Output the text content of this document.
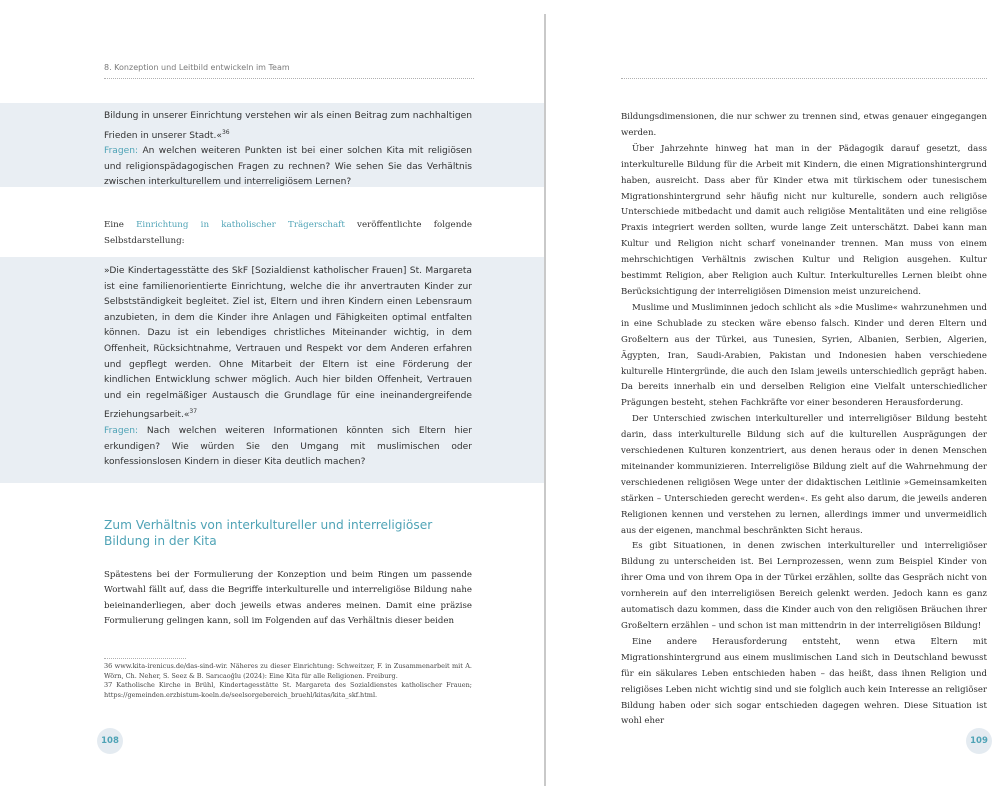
8. Konzeption und Leitbild entwickeln im Team

Bildung in unserer Einrichtung verstehen wir als einen Beitrag zum nachhaltigen Frieden in unserer Stadt.«$^{36}$

Fragen: An welchen weiteren Punkten ist bei einer solchen Kita mit religiösen und religionspädagogischen Fragen zu rechnen? Wie sehen Sie das Verhältnis zwischen interkulturellem und interreligiösem Lernen?

Eine Einrichtung in katholischer Trägerschaft veröffentlichte folgende Selbstdarstellung:

»Die Kindertagesstätte des SkF [Sozialdienst katholischer Frauen] St. Margareta ist eine familienorientierte Einrichtung, welche die ihr anvertrauten Kinder zur Selbstständigkeit begleitet. Ziel ist, Eltern und ihren Kindern einen Lebensraum anzubieten, in dem die Kinder ihre Anlagen und Fähigkeiten optimal entfalten können. Dazu ist ein lebendiges christliches Miteinander wichtig, in dem Offenheit, Rücksichtnahme, Vertrauen und Respekt vor dem Anderen erfahren und gepflegt werden. Ohne Mitarbeit der Eltern ist eine Förderung der kindlichen Entwicklung schwer möglich. Auch hier bilden Offenheit, Vertrauen und ein regelmäßiger Austausch die Grundlage für eine ineinandergreifende Erziehungsarbeit.«$^{37}$

Fragen: Nach welchen weiteren Informationen könnten sich Eltern hier erkundigen? Wie würden Sie den Umgang mit muslimischen oder konfessionslosen Kindern in dieser Kita deutlich machen?

Zum Verhältnis von interkultureller und interreligiöser Bildung in der Kita

Spätestens bei der Formulierung der Konzeption und beim Ringen um passende Wortwahl fällt auf, dass die Begriffe interkulturelle und interreligiöse Bildung nahe beieinanderliegen, aber doch jeweils etwas anderes meinen. Damit eine präzise Formulierung gelingen kann, soll im Folgenden auf das Verhältnis dieser beiden

36 www.kita-irenicus.de/das-sind-wir. Näheres zu dieser Einrichtung: Schweitzer, F. in Zusammenarbeit mit A. Wörn, Ch. Neher, S. Seez & B. Sarıcaoğlu (2024): Eine Kita für alle Religionen. Freiburg.

37 Katholische Kirche in Brühl, Kindertagesstätte St. Margareta des Sozialdienstes katholischer Frauen; https://gemeinden.erzbistum-koeln.de/seelsorgebereich_bruehl/kitas/kita_skf.html.

108

Bildungsdimensionen, die nur schwer zu trennen sind, etwas genauer eingegangen werden.

Über Jahrzehnte hinweg hat man in der Pädagogik darauf gesetzt, dass interkulturelle Bildung für die Arbeit mit Kindern, die einen Migrationshintergrund haben, ausreicht. Dass aber für Kinder etwa mit türkischem oder tunesischem Migrationshintergrund sehr häufig nicht nur kulturelle, sondern auch religiöse Unterschiede mitbedacht und damit auch religiöse Mentalitäten und eine religiöse Praxis integriert werden sollten, wurde lange Zeit unterschätzt. Dabei kann man Kultur und Religion nicht scharf voneinander trennen. Man muss von einem mehrschichtigen Verhältnis zwischen Kultur und Religion ausgehen. Kultur bestimmt Religion, aber Religion auch Kultur. Interkulturelles Lernen bleibt ohne Berücksichtigung der interreligiösen Dimension meist unzureichend.

Muslime und Musliminnen jedoch schlicht als »die Muslime« wahrzunehmen und in eine Schublade zu stecken wäre ebenso falsch. Kinder und deren Eltern und Großeltern aus der Türkei, aus Tunesien, Syrien, Albanien, Serbien, Algerien, Ägypten, Iran, Saudi-Arabien, Pakistan und Indonesien haben verschiedene kulturelle Hintergründe, die auch den Islam jeweils unterschiedlich geprägt haben. Da bereits innerhalb ein und derselben Religion eine Vielfalt unterschiedlicher Prägungen besteht, stehen Fachkräfte vor einer besonderen Herausforderung.

Der Unterschied zwischen interkultureller und interreligiöser Bildung besteht darin, dass interkulturelle Bildung sich auf die kulturellen Ausprägungen der verschiedenen Kulturen konzentriert, aus denen heraus oder in denen Menschen miteinander kommunizieren. Interreligiöse Bildung zielt auf die Wahrnehmung der verschiedenen religiösen Wege unter der didaktischen Leitlinie »Gemeinsamkeiten stärken – Unterschieden gerecht werden«. Es geht also darum, die jeweils anderen Religionen kennen und verstehen zu lernen, allerdings immer und unvermeidlich aus der eigenen, manchmal beschränkten Sicht heraus.

Es gibt Situationen, in denen zwischen interkultureller und interreligiöser Bildung zu unterscheiden ist. Bei Lernprozessen, wenn zum Beispiel Kinder von ihrer Oma und von ihrem Opa in der Türkei erzählen, sollte das Gespräch nicht von vornherein auf den interreligiösen Bereich gelenkt werden. Jedoch kann es ganz automatisch dazu kommen, dass die Kinder auch von den religiösen Bräuchen ihrer Großeltern erzählen – und schon ist man mittendrin in der interreligiösen Bildung!

Eine andere Herausforderung entsteht, wenn etwa Eltern mit Migrationshintergrund aus einem muslimischen Land sich in Deutschland bewusst für ein säkulares Leben entschieden haben – das heißt, dass ihnen Religion und religiöses Leben nicht wichtig sind und sie folglich auch kein Interesse an religiöser Bildung haben oder sich sogar entschieden dagegen wehren. Diese Situation ist wohl eher

109
